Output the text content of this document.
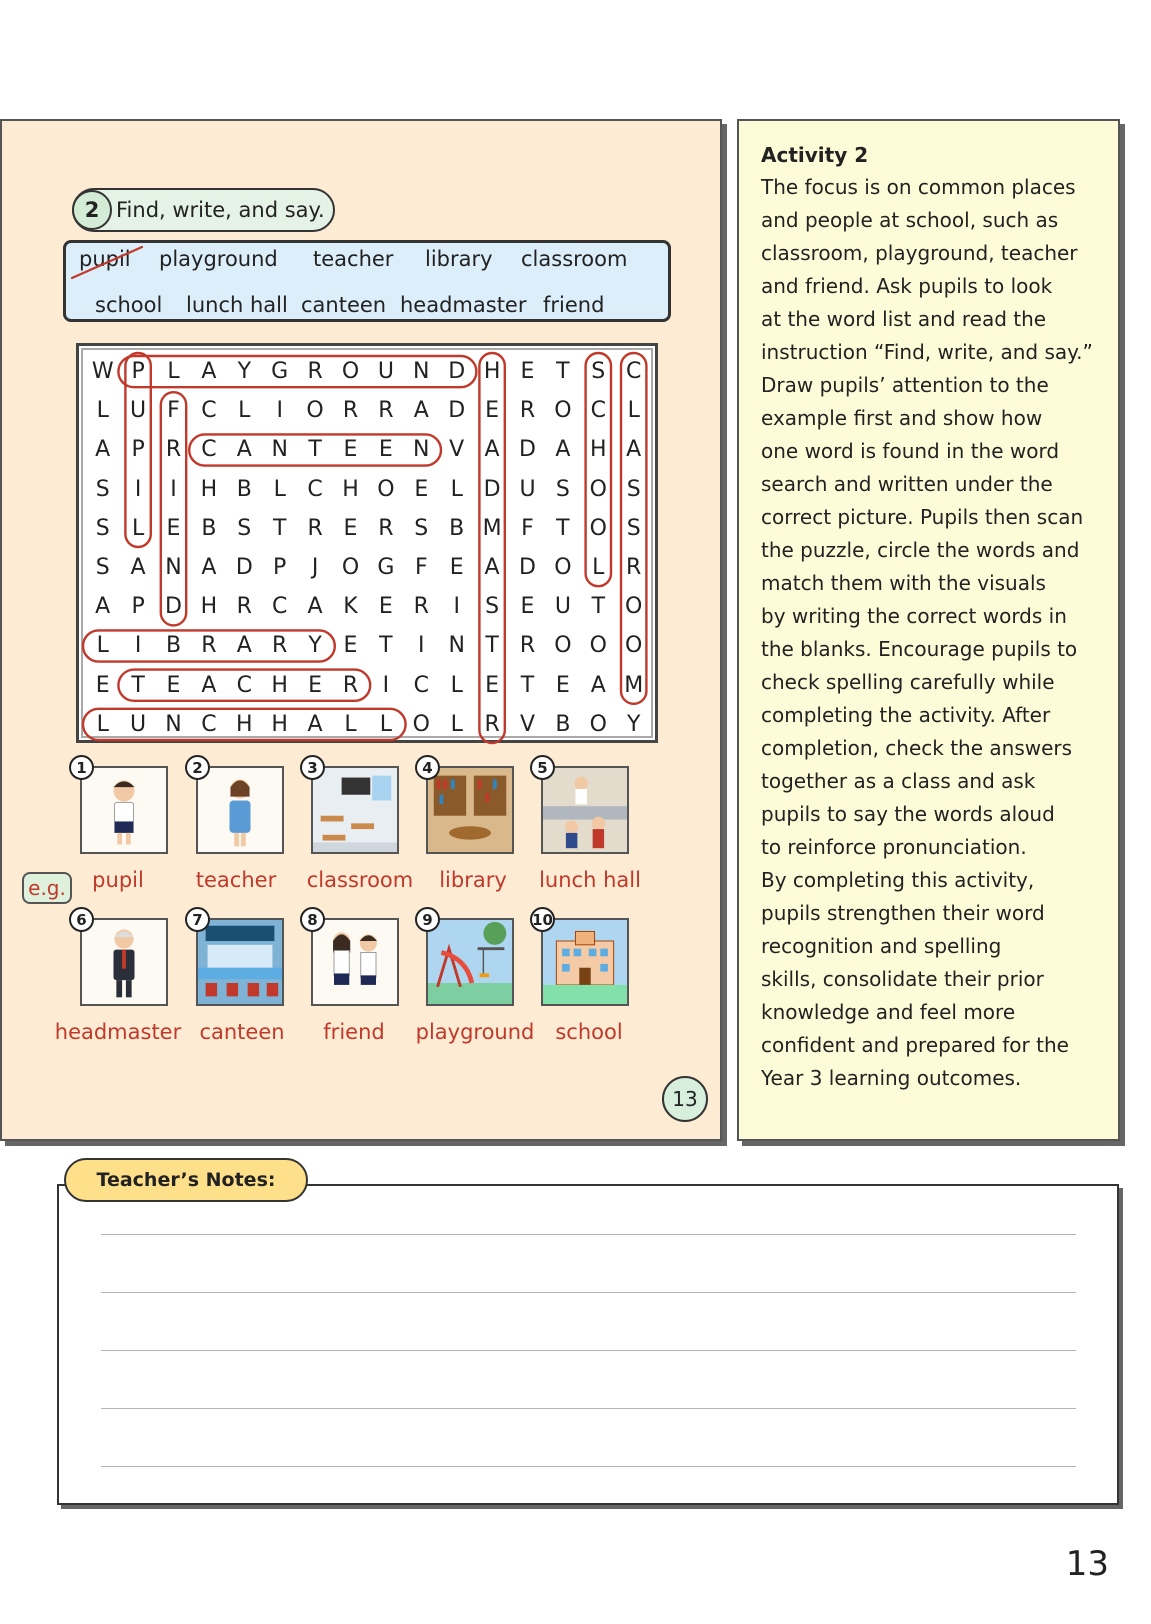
2 Find, write, and say.
pupil playground teacher library classroom
school lunch hall canteen headmaster friend
W P	L A Y G R O U N D H E T S C
L U F C L	I	O R R A D E R O C L
A P R C A N T E E N V A D A H A
S	I	I	H B L C H O E	L D U S O S
S	L	E B S T R E R S B M F	T O S
S A N A D P	J	O G F	E A D O L R
A P D H R C A K E R	I	S E U T O
L	I	B R A R Y E T	I	N T R O O O
E T E A C H E R	I	C L	E T E A M
L U N C H H A L	L O L R V B O Y
1
pupil
2
teacher
3
classroom
4
library
5
lunch hall
6
headmaster
7
canteen
8
friend
9
playground
10
school
e.g.
13
Activity 2

The focus is on common places
and people at school, such as
classroom, playground, teacher
and friend. Ask pupils to look
at the word list and read the
instruction “Find, write, and say.”
Draw pupils’ attention to the
example first and show how
one word is found in the word
search and written under the
correct picture. Pupils then scan
the puzzle, circle the words and
match them with the visuals
by writing the correct words in
the blanks. Encourage pupils to
check spelling carefully while
completing the activity. After
completion, check the answers
together as a class and ask
pupils to say the words aloud
to reinforce pronunciation.
By completing this activity,
pupils strengthen their word
recognition and spelling
skills, consolidate their prior
knowledge and feel more
confident and prepared for the
Year 3 learning outcomes.

Teacher’s Notes:
13
